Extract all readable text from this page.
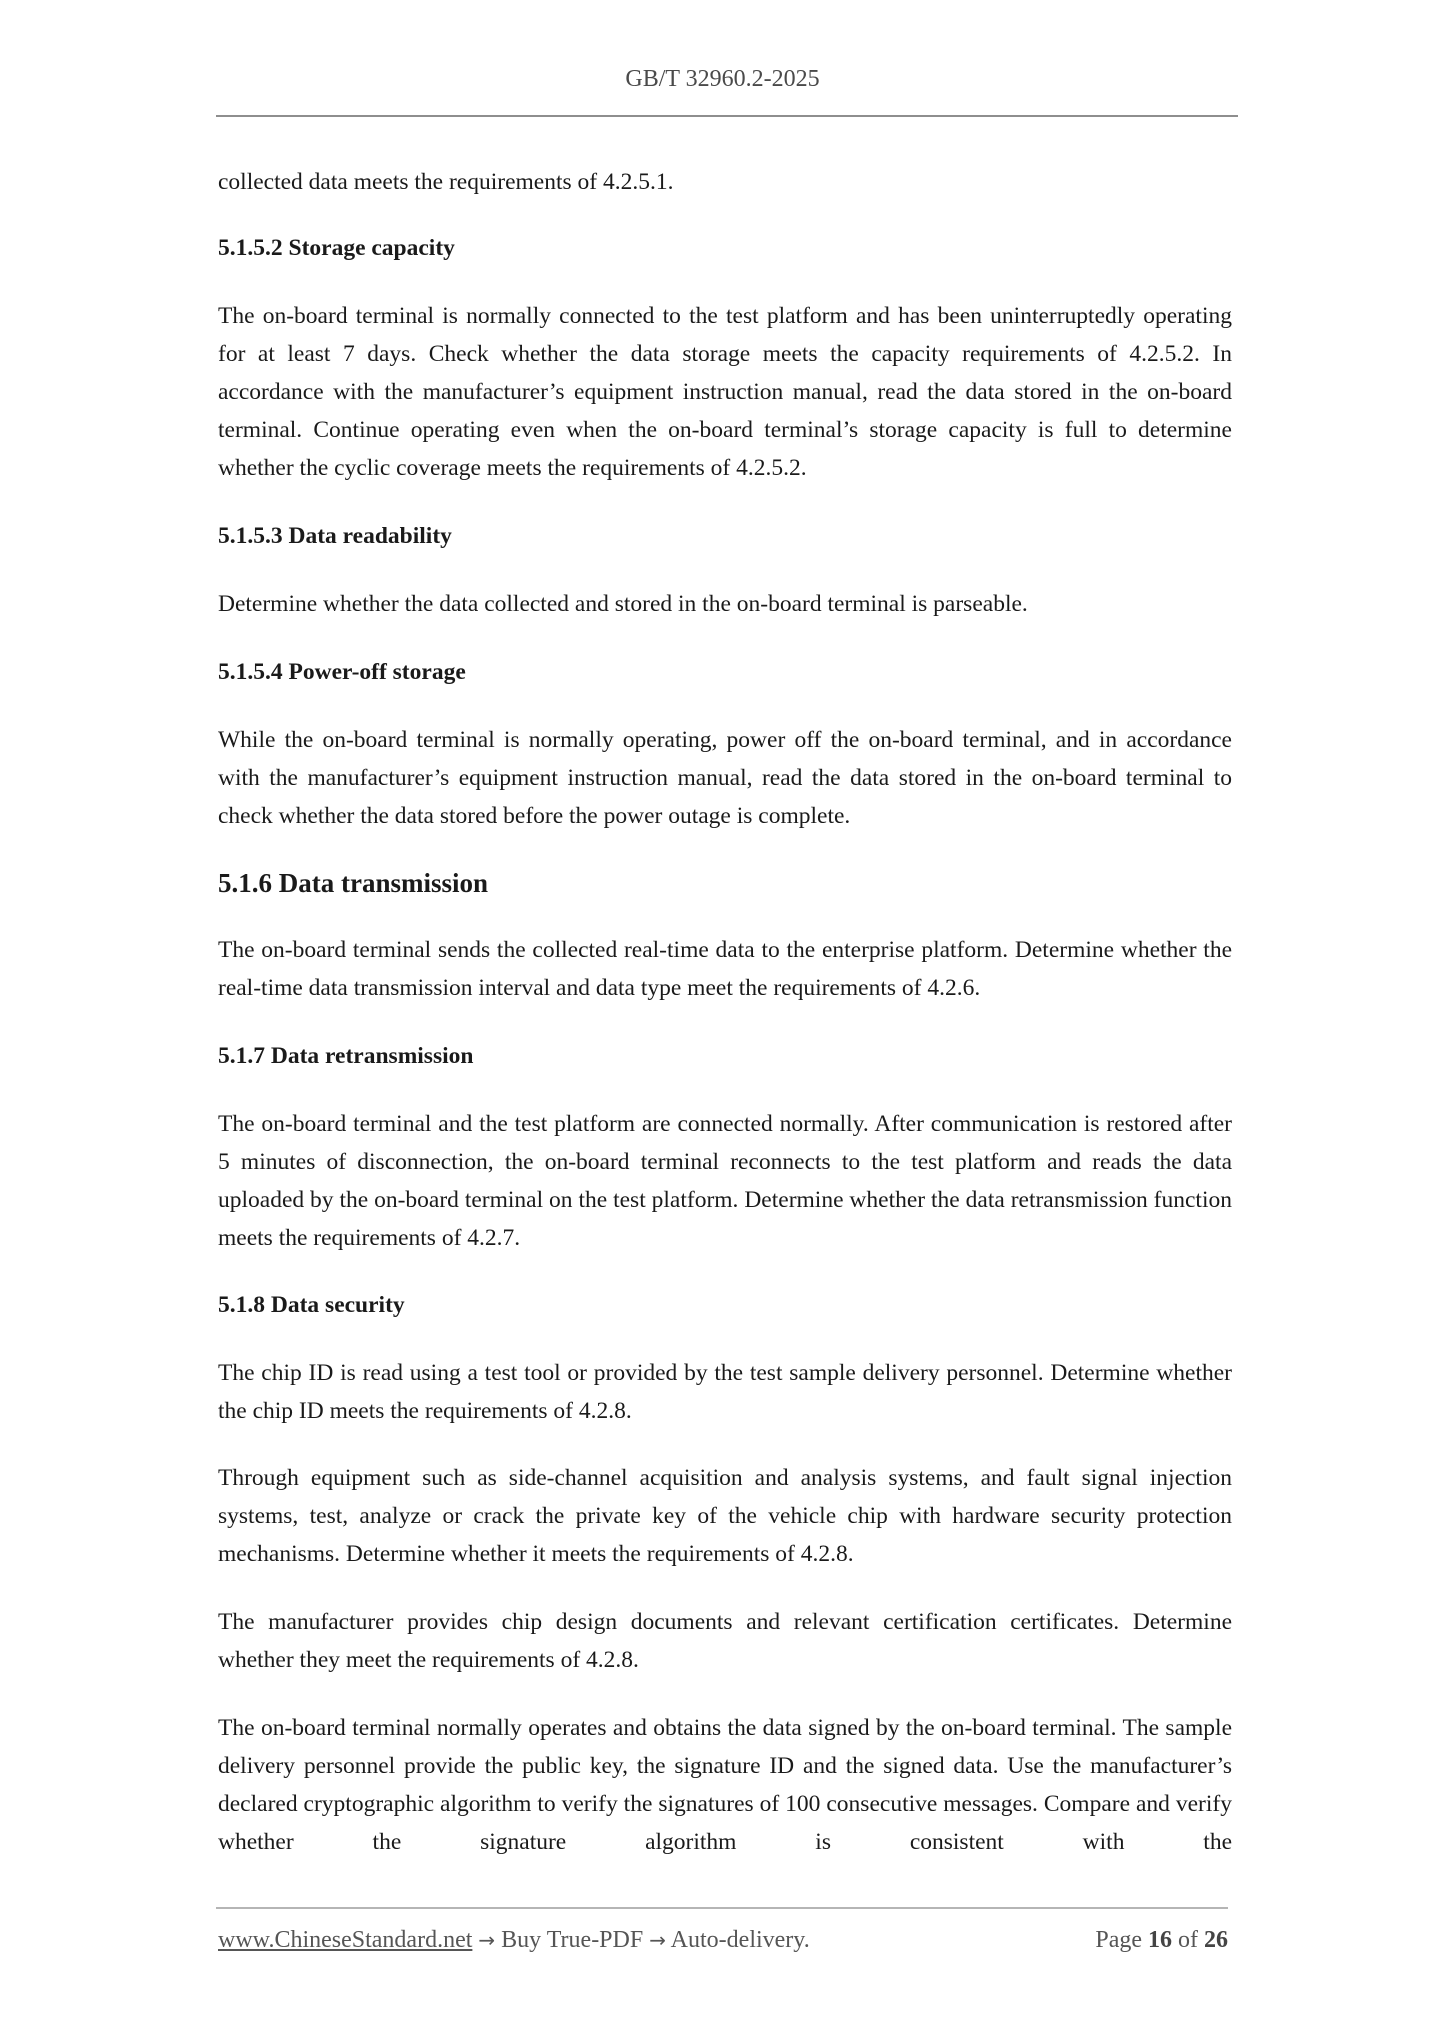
GB/T 32960.2-2025
collected data meets the requirements of 4.2.5.1.
5.1.5.2 Storage capacity
The on-board terminal is normally connected to the test platform and has been uninterruptedly operating for at least 7 days. Check whether the data storage meets the capacity requirements of 4.2.5.2. In accordance with the manufacturer’s equipment instruction manual, read the data stored in the on-board terminal. Continue operating even when the on-board terminal’s storage capacity is full to determine whether the cyclic coverage meets the requirements of 4.2.5.2.
5.1.5.3 Data readability
Determine whether the data collected and stored in the on-board terminal is parseable.
5.1.5.4 Power-off storage
While the on-board terminal is normally operating, power off the on-board terminal, and in accordance with the manufacturer’s equipment instruction manual, read the data stored in the on-board terminal to check whether the data stored before the power outage is complete.
5.1.6 Data transmission
The on-board terminal sends the collected real-time data to the enterprise platform. Determine whether the real-time data transmission interval and data type meet the requirements of 4.2.6.
5.1.7 Data retransmission
The on-board terminal and the test platform are connected normally. After communication is restored after 5 minutes of disconnection, the on-board terminal reconnects to the test platform and reads the data uploaded by the on-board terminal on the test platform. Determine whether the data retransmission function meets the requirements of 4.2.7.
5.1.8 Data security
The chip ID is read using a test tool or provided by the test sample delivery personnel. Determine whether the chip ID meets the requirements of 4.2.8.
Through equipment such as side-channel acquisition and analysis systems, and fault signal injection systems, test, analyze or crack the private key of the vehicle chip with hardware security protection mechanisms. Determine whether it meets the requirements of 4.2.8.
The manufacturer provides chip design documents and relevant certification certificates. Determine whether they meet the requirements of 4.2.8.
The on-board terminal normally operates and obtains the data signed by the on-board terminal. The sample delivery personnel provide the public key, the signature ID and the signed data. Use the manufacturer’s declared cryptographic algorithm to verify the signatures of 100 consecutive messages. Compare and verify whether the signature algorithm is consistent with the
www.ChineseStandard.net → Buy True-PDF → Auto-delivery.	Page 16 of 26
